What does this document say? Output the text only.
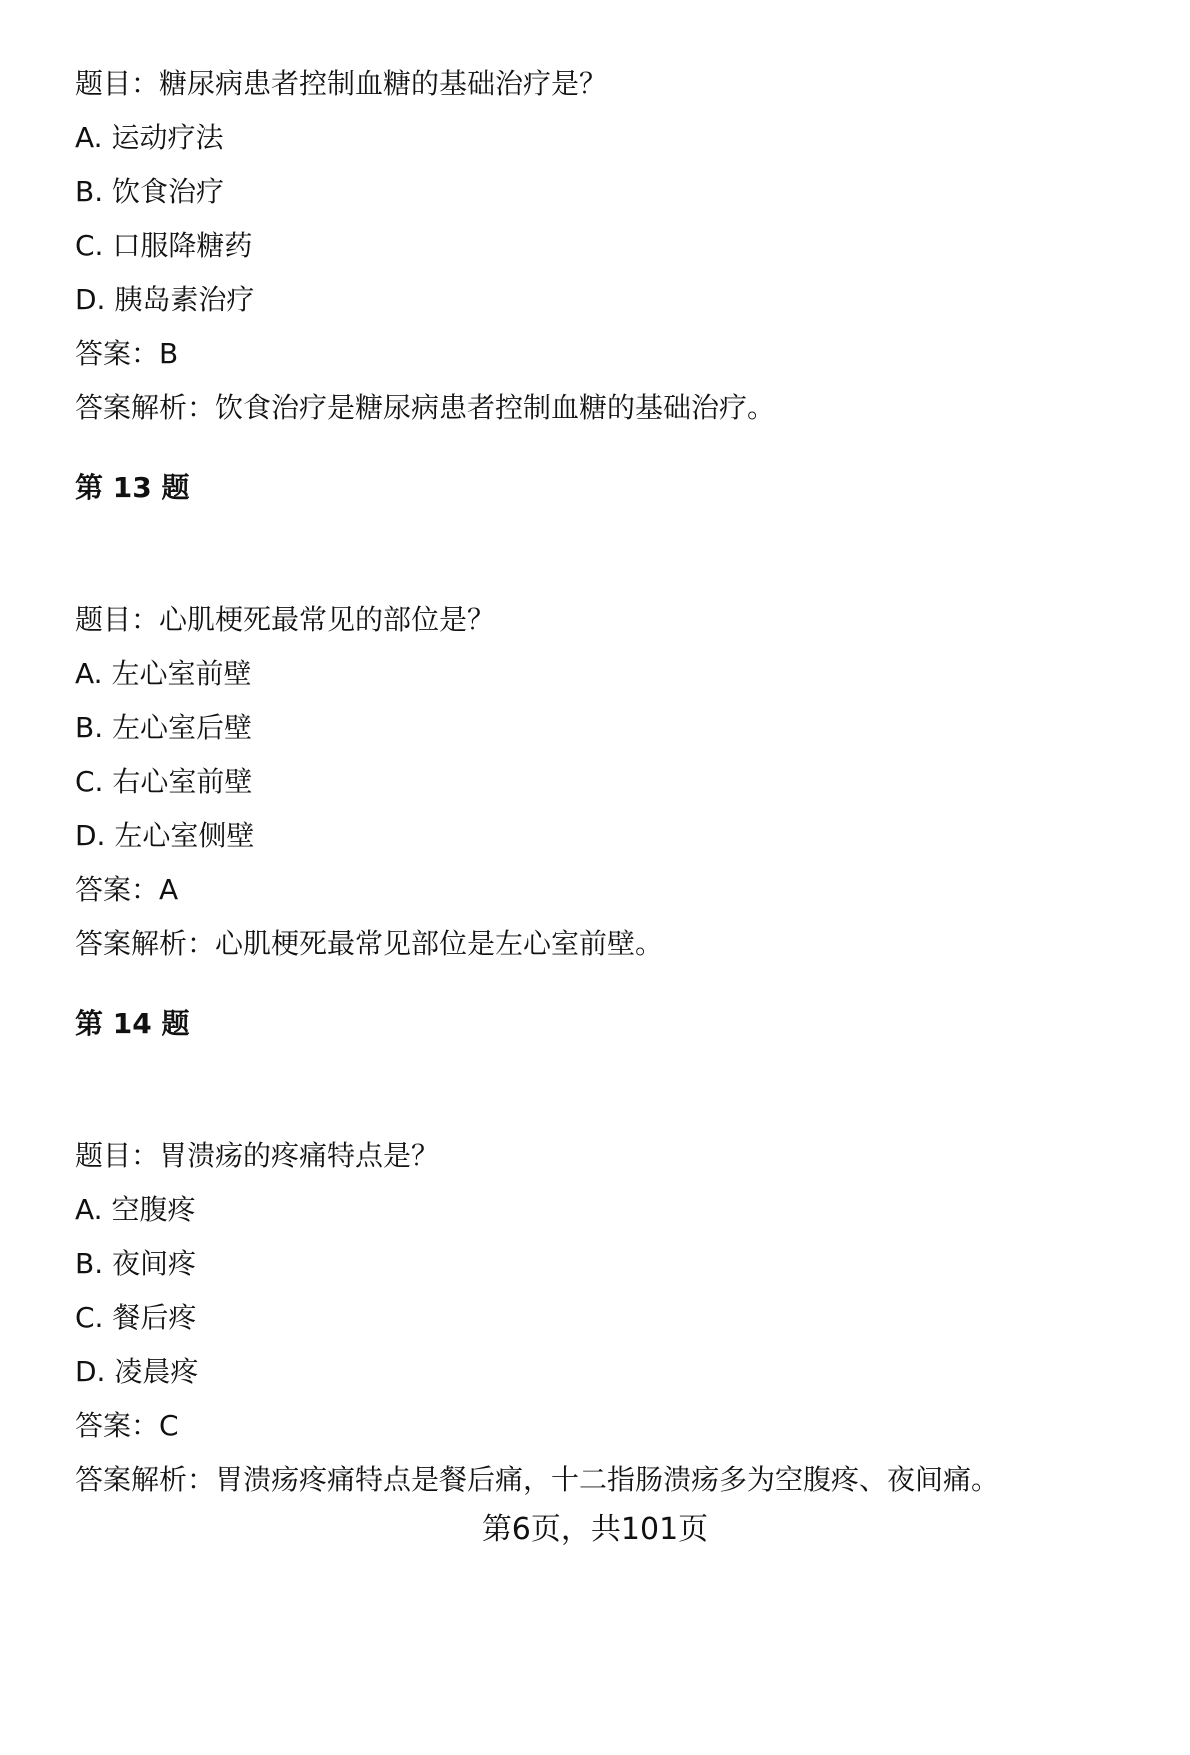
题目：糖尿病患者控制血糖的基础治疗是？
A. 运动疗法
B. 饮食治疗
C. 口服降糖药
D. 胰岛素治疗
答案：B
答案解析：饮食治疗是糖尿病患者控制血糖的基础治疗。
第 13 题
题目：心肌梗死最常见的部位是？
A. 左心室前壁
B. 左心室后壁
C. 右心室前壁
D. 左心室侧壁
答案：A
答案解析：心肌梗死最常见部位是左心室前壁。
第 14 题
题目：胃溃疡的疼痛特点是？
A. 空腹疼
B. 夜间疼
C. 餐后疼
D. 凌晨疼
答案：C
答案解析：胃溃疡疼痛特点是餐后痛，十二指肠溃疡多为空腹疼、夜间痛。
第6页，共101页
